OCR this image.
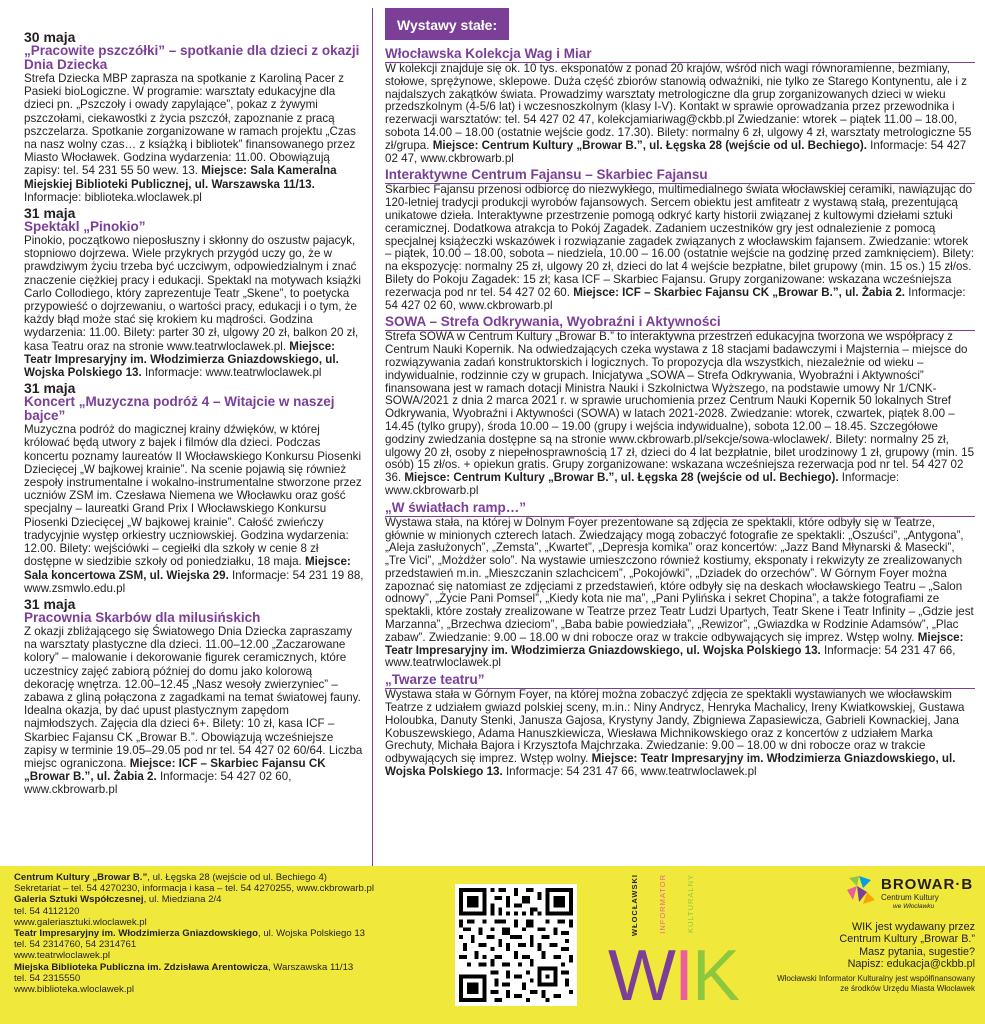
30 maja
„Pracowite pszczółki” – spotkanie dla dzieci z okazji Dnia Dziecka
Strefa Dziecka MBP zaprasza na spotkanie z Karoliną Pacer z Pasieki bioLogiczne. W programie: warsztaty edukacyjne dla dzieci pn. „Pszczoły i owady zapylające”, pokaz z żywymi pszczołami, ciekawostki z życia pszczół, zapoznanie z pracą pszczelarza. Spotkanie zorganizowane w ramach projektu „Czas na nasz wolny czas… z książką i bibliotek” finansowanego przez Miasto Włocławek. Godzina wydarzenia: 11.00. Obowiązują zapisy: tel. 54 231 55 50 wew. 13. Miejsce: Sala Kameralna Miejskiej Biblioteki Publicznej, ul. Warszawska 11/13. Informacje: biblioteka.wloclawek.pl
31 maja
Spektakl „Pinokio”
Pinokio, początkowo nieposłuszny i skłonny do oszustw pajacyk, stopniowo dojrzewa. Wiele przykrych przygód uczy go, że w prawdziwym życiu trzeba być uczciwym, odpowiedzialnym i znać znaczenie ciężkiej pracy i edukacji. Spektakl na motywach książki Carlo Collodiego, który zaprezentuje Teatr „Skene”, to poetycka przypowieść o dojrzewaniu, o wartości pracy, edukacji i o tym, że każdy błąd może stać się krokiem ku mądrości. Godzina wydarzenia: 11.00. Bilety: parter 30 zł, ulgowy 20 zł, balkon 20 zł, kasa Teatru oraz na stronie www.teatrwloclawek.pl. Miejsce: Teatr Impresaryjny im. Włodzimierza Gniazdowskiego, ul. Wojska Polskiego 13. Informacje: www.teatrwloclawek.pl
31 maja
Koncert „Muzyczna podróż 4 – Witajcie w naszej bajce”
Muzyczna podróż do magicznej krainy dźwięków, w której królować będą utwory z bajek i filmów dla dzieci. Podczas koncertu poznamy laureatów II Włocławskiego Konkursu Piosenki Dziecięcej „W bajkowej krainie”. Na scenie pojawią się również zespoły instrumentalne i wokalno-instrumentalne stworzone przez uczniów ZSM im. Czesława Niemena we Włocławku oraz gość specjalny – laureatki Grand Prix I Włocławskiego Konkursu Piosenki Dziecięcej „W bajkowej krainie”. Całość zwieńczy tradycyjnie występ orkiestry uczniowskiej. Godzina wydarzenia: 12.00. Bilety: wejściówki – cegiełki dla szkoły w cenie 8 zł dostępne w siedzibie szkoły od poniedziałku, 18 maja. Miejsce: Sala koncertowa ZSM, ul. Wiejska 29. Informacje: 54 231 19 88, www.zsmwlo.edu.pl
31 maja
Pracownia Skarbów dla milusińskich
Z okazji zbliżającego się Światowego Dnia Dziecka zapraszamy na warsztaty plastyczne dla dzieci. 11.00–12.00 „Zaczarowane kolory” – malowanie i dekorowanie figurek ceramicznych, które uczestnicy zajęć zabiorą później do domu jako kolorową dekorację wnętrza. 12.00–12.45 „Nasz wesoły zwierzyniec” – zabawa z gliną połączona z zagadkami na temat światowej fauny. Idealna okazja, by dać upust plastycznym zapędom najmłodszych. Zajęcia dla dzieci 6+. Bilety: 10 zł, kasa ICF – Skarbiec Fajansu CK „Browar B.”. Obowiązują wcześniejsze zapisy w terminie 19.05–29.05 pod nr tel. 54 427 02 60/64. Liczba miejsc ograniczona. Miejsce: ICF – Skarbiec Fajansu CK „Browar B.”, ul. Żabia 2. Informacje: 54 427 02 60, www.ckbrowarb.pl
Wystawy stałe:
Włocławska Kolekcja Wag i Miar
W kolekcji znajduje się ok. 10 tys. eksponatów z ponad 20 krajów, wśród nich wagi równoramienne, bezmiany, stołowe, sprężynowe, sklepowe. Duża część zbiorów stanowią odważniki, nie tylko ze Starego Kontynentu, ale i z najdalszych zakątków świata. Prowadzimy warsztaty metrologiczne dla grup zorganizowanych dzieci w wieku przedszkolnym (4-5/6 lat) i wczesnoszkolnym (klasy I-V). Kontakt w sprawie oprowadzania przez przewodnika i rezerwacji warsztatów: tel. 54 427 02 47, kolekcjamiariwag@ckbb.pl Zwiedzanie: wtorek – piątek 11.00 – 18.00, sobota 14.00 – 18.00 (ostatnie wejście godz. 17.30). Bilety: normalny 6 zł, ulgowy 4 zł, warsztaty metrologiczne 55 zł/grupa. Miejsce: Centrum Kultury „Browar B.”, ul. Łęgska 28 (wejście od ul. Bechiego). Informacje: 54 427 02 47, www.ckbrowarb.pl
Interaktywne Centrum Fajansu – Skarbiec Fajansu
Skarbiec Fajansu przenosi odbiorcę do niezwykłego, multimedialnego świata włocławskiej ceramiki, nawiązując do 120-letniej tradycji produkcji wyrobów fajansowych. Sercem obiektu jest amfiteatr z wystawą stałą, prezentującą unikatowe dzieła. Interaktywne przestrzenie pomogą odkryć karty historii związanej z kultowymi dziełami sztuki ceramicznej. Dodatkowa atrakcja to Pokój Zagadek. Zadaniem uczestników gry jest odnalezienie z pomocą specjalnej książeczki wskazówek i rozwiązanie zagadek związanych z włocławskim fajansem. Zwiedzanie: wtorek – piątek, 10.00 – 18.00, sobota – niedziela, 10.00 – 16.00 (ostatnie wejście na godzinę przed zamknięciem). Bilety: na ekspozycję: normalny 25 zł, ulgowy 20 zł, dzieci do lat 4 wejście bezpłatne, bilet grupowy (min. 15 os.) 15 zł/os. Bilety do Pokoju Zagadek: 15 zł; kasa ICF – Skarbiec Fajansu. Grupy zorganizowane: wskazana wcześniejsza rezerwacja pod nr tel. 54 427 02 60. Miejsce: ICF – Skarbiec Fajansu CK „Browar B.”, ul. Żabia 2. Informacje: 54 427 02 60, www.ckbrowarb.pl
SOWA – Strefa Odkrywania, Wyobraźni i Aktywności
Strefa SOWA w Centrum Kultury „Browar B.” to interaktywna przestrzeń edukacyjna tworzona we współpracy z Centrum Nauki Kopernik. Na odwiedzających czeka wystawa z 18 stacjami badawczymi i Majsternia – miejsce do rozwiązywania zadań konstruktorskich i logicznych. To propozycja dla wszystkich, niezależnie od wieku – indywidualnie, rodzinnie czy w grupach. Inicjatywa „SOWA – Strefa Odkrywania, Wyobraźni i Aktywności” finansowana jest w ramach dotacji Ministra Nauki i Szkolnictwa Wyższego, na podstawie umowy Nr 1/CNK-SOWA/2021 z dnia 2 marca 2021 r. w sprawie uruchomienia przez Centrum Nauki Kopernik 50 lokalnych Stref Odkrywania, Wyobraźni i Aktywności (SOWA) w latach 2021-2028. Zwiedzanie: wtorek, czwartek, piątek 8.00 – 14.45 (tylko grupy), środa 10.00 – 19.00 (grupy i wejścia indywidualne), sobota 12.00 – 18.45. Szczegółowe godziny zwiedzania dostępne są na stronie www.ckbrowarb.pl/sekcje/sowa-wloclawek/. Bilety: normalny 25 zł, ulgowy 20 zł, osoby z niepełnosprawnością 17 zł, dzieci do 4 lat bezpłatnie, bilet urodzinowy 1 zł, grupowy (min. 15 osób) 15 zł/os. + opiekun gratis. Grupy zorganizowane: wskazana wcześniejsza rezerwacja pod nr tel. 54 427 02 36. Miejsce: Centrum Kultury „Browar B.”, ul. Łęgska 28 (wejście od ul. Bechiego). Informacje: www.ckbrowarb.pl
„W światłach ramp…”
Wystawa stała, na której w Dolnym Foyer prezentowane są zdjęcia ze spektakli, które odbyły się w Teatrze, głównie w minionych czterech latach. Zwiedzający mogą zobaczyć fotografie ze spektakli: „Oszuści”, „Antygona”, „Aleja zasłużonych”, „Zemsta”, „Kwartet”, „Depresja komika” oraz koncertów: „Jazz Band Młynarski & Masecki”, „Tre Vici”, „Możdżer solo”. Na wystawie umieszczono również kostiumy, eksponaty i rekwizyty ze zrealizowanych przedstawień m.in. „Mieszczanin szlachcicem”, „Pokojówki”, „Dziadek do orzechów”. W Górnym Foyer można zapoznać się natomiast ze zdjęciami z przedstawień, które odbyły się na deskach włocławskiego Teatru – „Salon odnowy”, „Życie Pani Pomsel”, „Kiedy kota nie ma”, „Pani Pylińska i sekret Chopina”, a także fotografiami ze spektakli, które zostały zrealizowane w Teatrze przez Teatr Ludzi Upartych, Teatr Skene i Teatr Infinity – „Gdzie jest Marzanna”, „Brzechwa dzieciom”, „Baba babie powiedziała”, „Rewizor”, „Gwiazdka w Rodzinie Adamsów”, „Plac zabaw”. Zwiedzanie: 9.00 – 18.00 w dni robocze oraz w trakcie odbywających się imprez. Wstęp wolny. Miejsce: Teatr Impresaryjny im. Włodzimierza Gniazdowskiego, ul. Wojska Polskiego 13. Informacje: 54 231 47 66, www.teatrwloclawek.pl
„Twarze teatru”
Wystawa stała w Górnym Foyer, na której można zobaczyć zdjęcia ze spektakli wystawianych we włocławskim Teatrze z udziałem gwiazd polskiej sceny, m.in.: Niny Andrycz, Henryka Machalicy, Ireny Kwiatkowskiej, Gustawa Holoubka, Danuty Stenki, Janusza Gajosa, Krystyny Jandy, Zbigniewa Zapasiewicza, Gabrieli Kownackiej, Jana Kobuszewskiego, Adama Hanuszkiewicza, Wiesława Michnikowskiego oraz z koncertów z udziałem Marka Grechuty, Michała Bajora i Krzysztofa Majchrzaka. Zwiedzanie: 9.00 – 18.00 w dni robocze oraz w trakcie odbywających się imprez. Wstęp wolny. Miejsce: Teatr Impresaryjny im. Włodzimierza Gniazdowskiego, ul. Wojska Polskiego 13. Informacje: 54 231 47 66, www.teatrwloclawek.pl
Centrum Kultury „Browar B.”, ul. Łęgska 28 (wejście od ul. Bechiego 4)
Sekretariat – tel. 54 4270230, informacja i kasa – tel. 54 4270255, www.ckbrowarb.pl
Galeria Sztuki Współczesnej, ul. Miedziana 2/4
tel. 54 4112120
www.galeriasztuki.wloclawek.pl
Teatr Impresaryjny im. Włodzimierza Gniazdowskiego, ul. Wojska Polskiego 13
tel. 54 2314760, 54 2314761
www.teatrwloclawek.pl
Miejska Biblioteka Publiczna im. Zdzisława Arentowicza, Warszawska 11/13
tel. 54 2315550
www.biblioteka.wloclawek.pl
WŁOCŁAWSKI	INFORMATOR	KULTURALNY
WIK
BROWAR·B
Centrum Kultury
we Włocławku
WIK jest wydawany przez
Centrum Kultury „Browar B.”
Masz pytania, sugestie?
Napisz: edukacja@ckbb.pl
Włocławski Informator Kulturalny jest współfinansowany
ze środków Urzędu Miasta Włocławek
